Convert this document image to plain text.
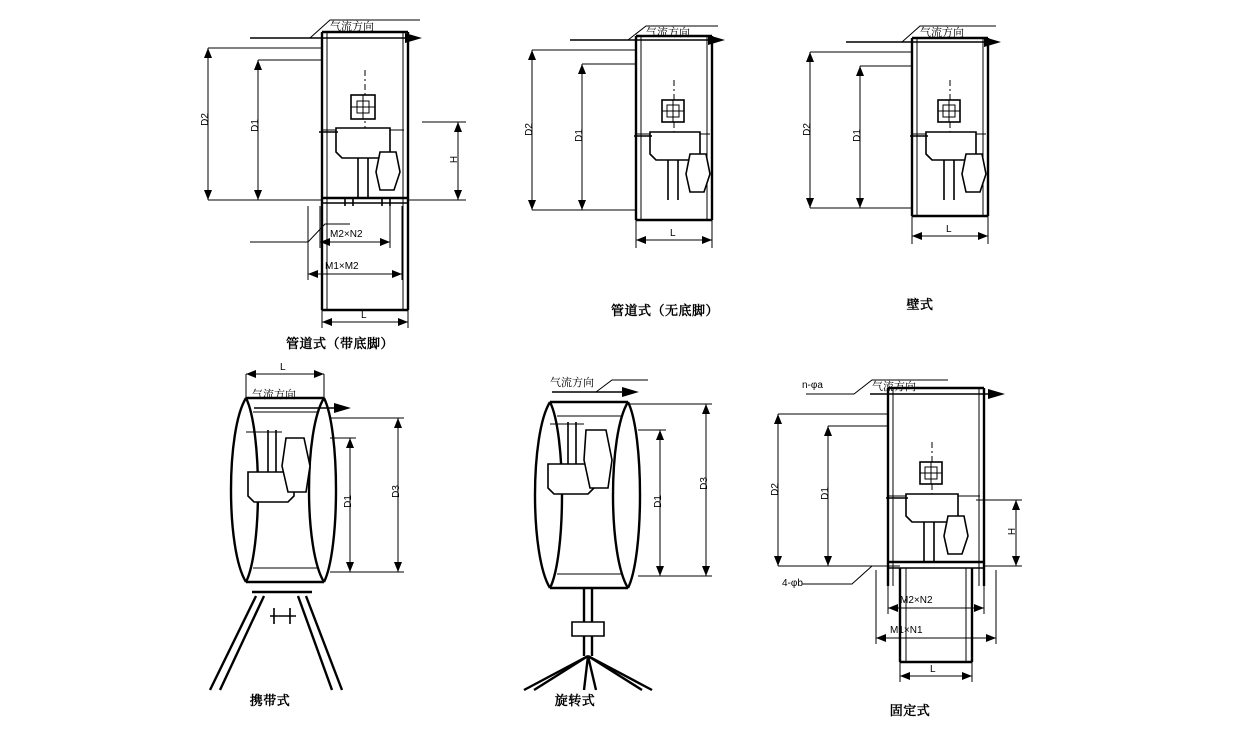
气流方向
D2	D1
H
M2×N2
M1×M2
L
管道式（带底脚）
气流方向
D2	D1
L
管道式（无底脚）
气流方向
D2	D1
L
壁式
L
气流方向
D1
D3
携带式
气流方向
D1
D3
旋转式
n-φa	气流方向
D2	D1
H
4-φb
M2×N2
M1×N1
L
固定式
